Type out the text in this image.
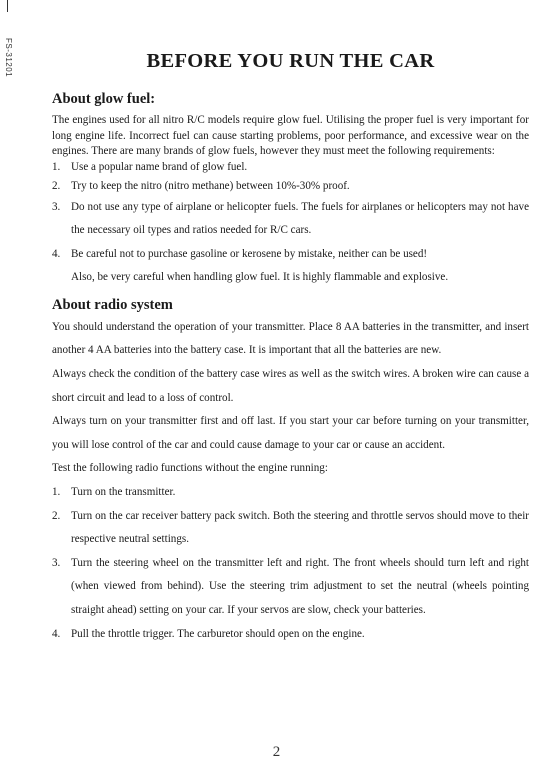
FS-31201	BEFORE YOU RUN THE CAR
About glow fuel:

The engines used for all nitro R/C models require glow fuel. Utilising the proper fuel is very important for long engine life. Incorrect fuel can cause starting problems, poor performance, and excessive wear on the engines. There are many brands of glow fuels, however they must meet the following requirements:

1. Use a popular name brand of glow fuel.
2. Try to keep the nitro (nitro methane) between 10%-30% proof.
3. Do not use any type of airplane or helicopter fuels. The fuels for airplanes or helicopters may not have the necessary oil types and ratios needed for R/C cars.
4. Be careful not to purchase gasoline or kerosene by mistake, neither can be used!
Also, be very careful when handling glow fuel. It is highly flammable and explosive.
About radio system

You should understand the operation of your transmitter. Place 8 AA batteries in the transmitter, and insert another 4 AA batteries into the battery case. It is important that all the batteries are new.

Always check the condition of the battery case wires as well as the switch wires. A broken wire can cause a short circuit and lead to a loss of control.

Always turn on your transmitter first and off last. If you start your car before turning on your transmitter, you will lose control of the car and could cause damage to your car or cause an accident.

Test the following radio functions without the engine running:

1. Turn on the transmitter.
2. Turn on the car receiver battery pack switch. Both the steering and throttle servos should move to their respective neutral settings.
3. Turn the steering wheel on the transmitter left and right. The front wheels should turn left and right (when viewed from behind). Use the steering trim adjustment to set the neutral (wheels pointing straight ahead) setting on your car. If your servos are slow, check your batteries.
4. Pull the throttle trigger. The carburetor should open on the engine.
2
